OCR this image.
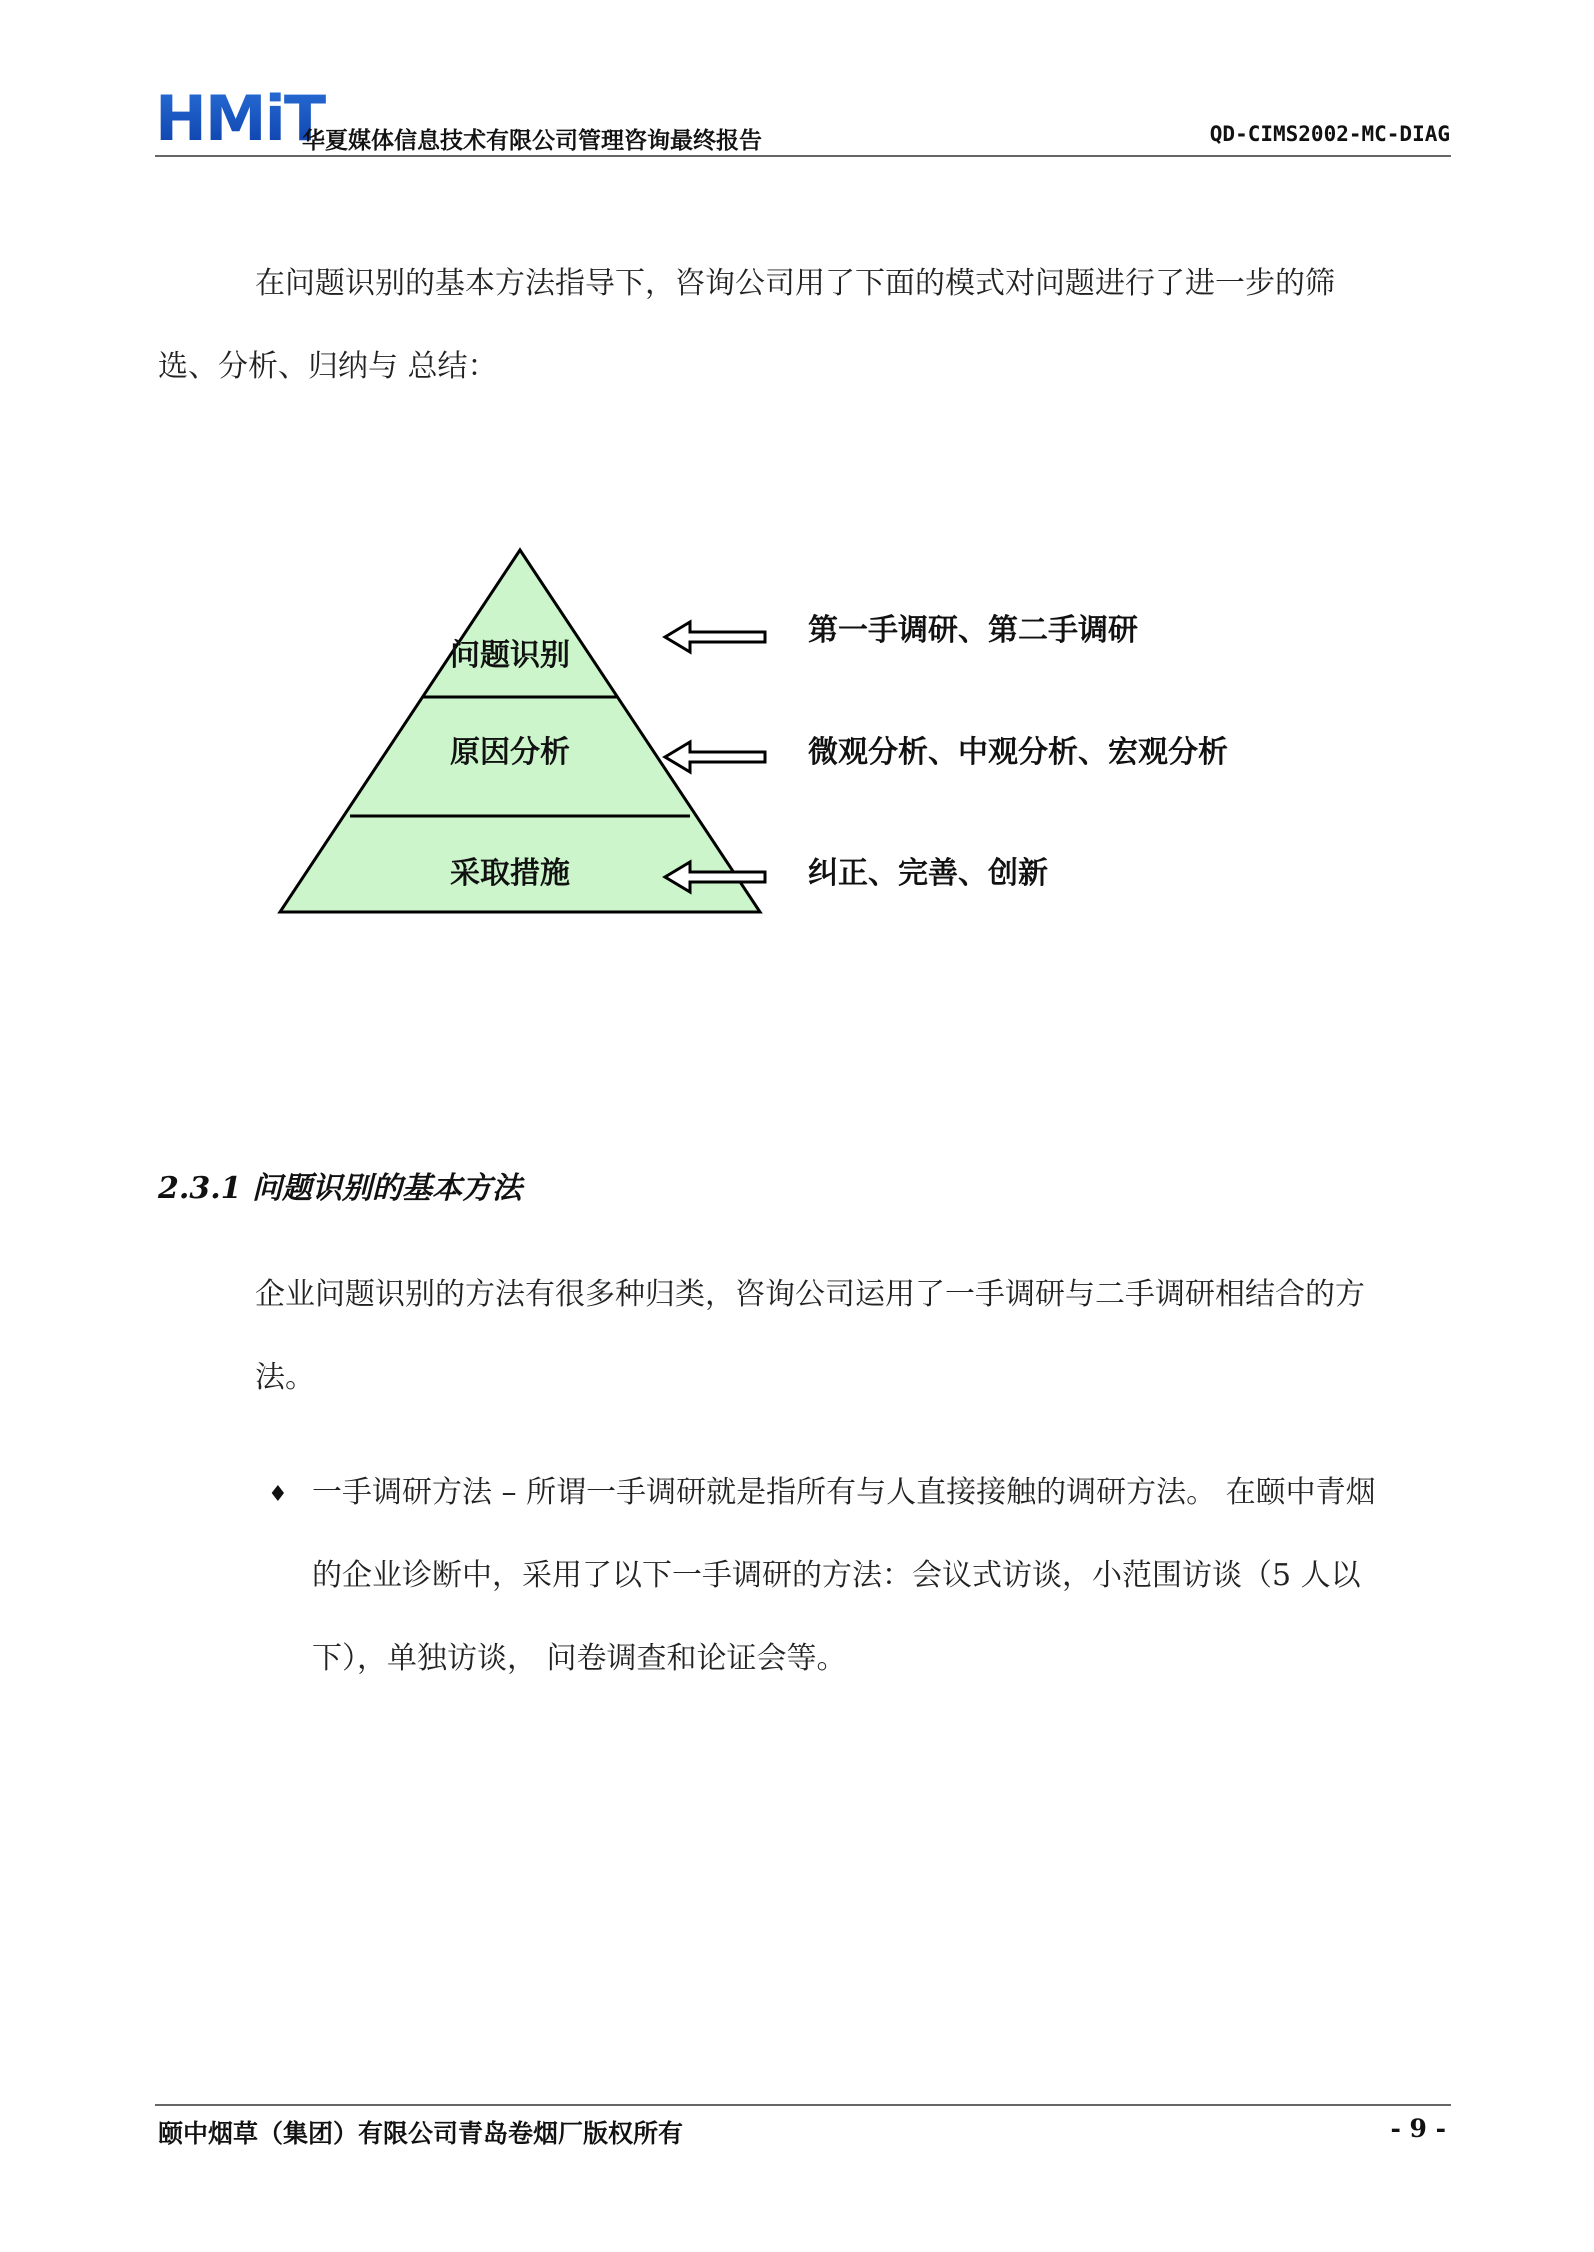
HMiT
华夏媒体信息技术有限公司管理咨询最终报告	QD-CIMS2002-MC-DIAG
在问题识别的基本方法指导下，咨询公司用了下面的模式对问题进行了进一步的筛
选、分析、归纳与 总结：
问题识别
原因分析
采取措施
第一手调研、第二手调研
微观分析、中观分析、宏观分析
纠正、完善、创新
2.3.1 问题识别的基本方法
企业问题识别的方法有很多种归类，咨询公司运用了一手调研与二手调研相结合的方
法。
♦ 一手调研方法 – 所谓一手调研就是指所有与人直接接触的调研方法。 在颐中青烟
的企业诊断中，采用了以下一手调研的方法：会议式访谈，小范围访谈（5 人以
下），单独访谈， 问卷调查和论证会等。
颐中烟草（集团）有限公司青岛卷烟厂版权所有	- 9 -
